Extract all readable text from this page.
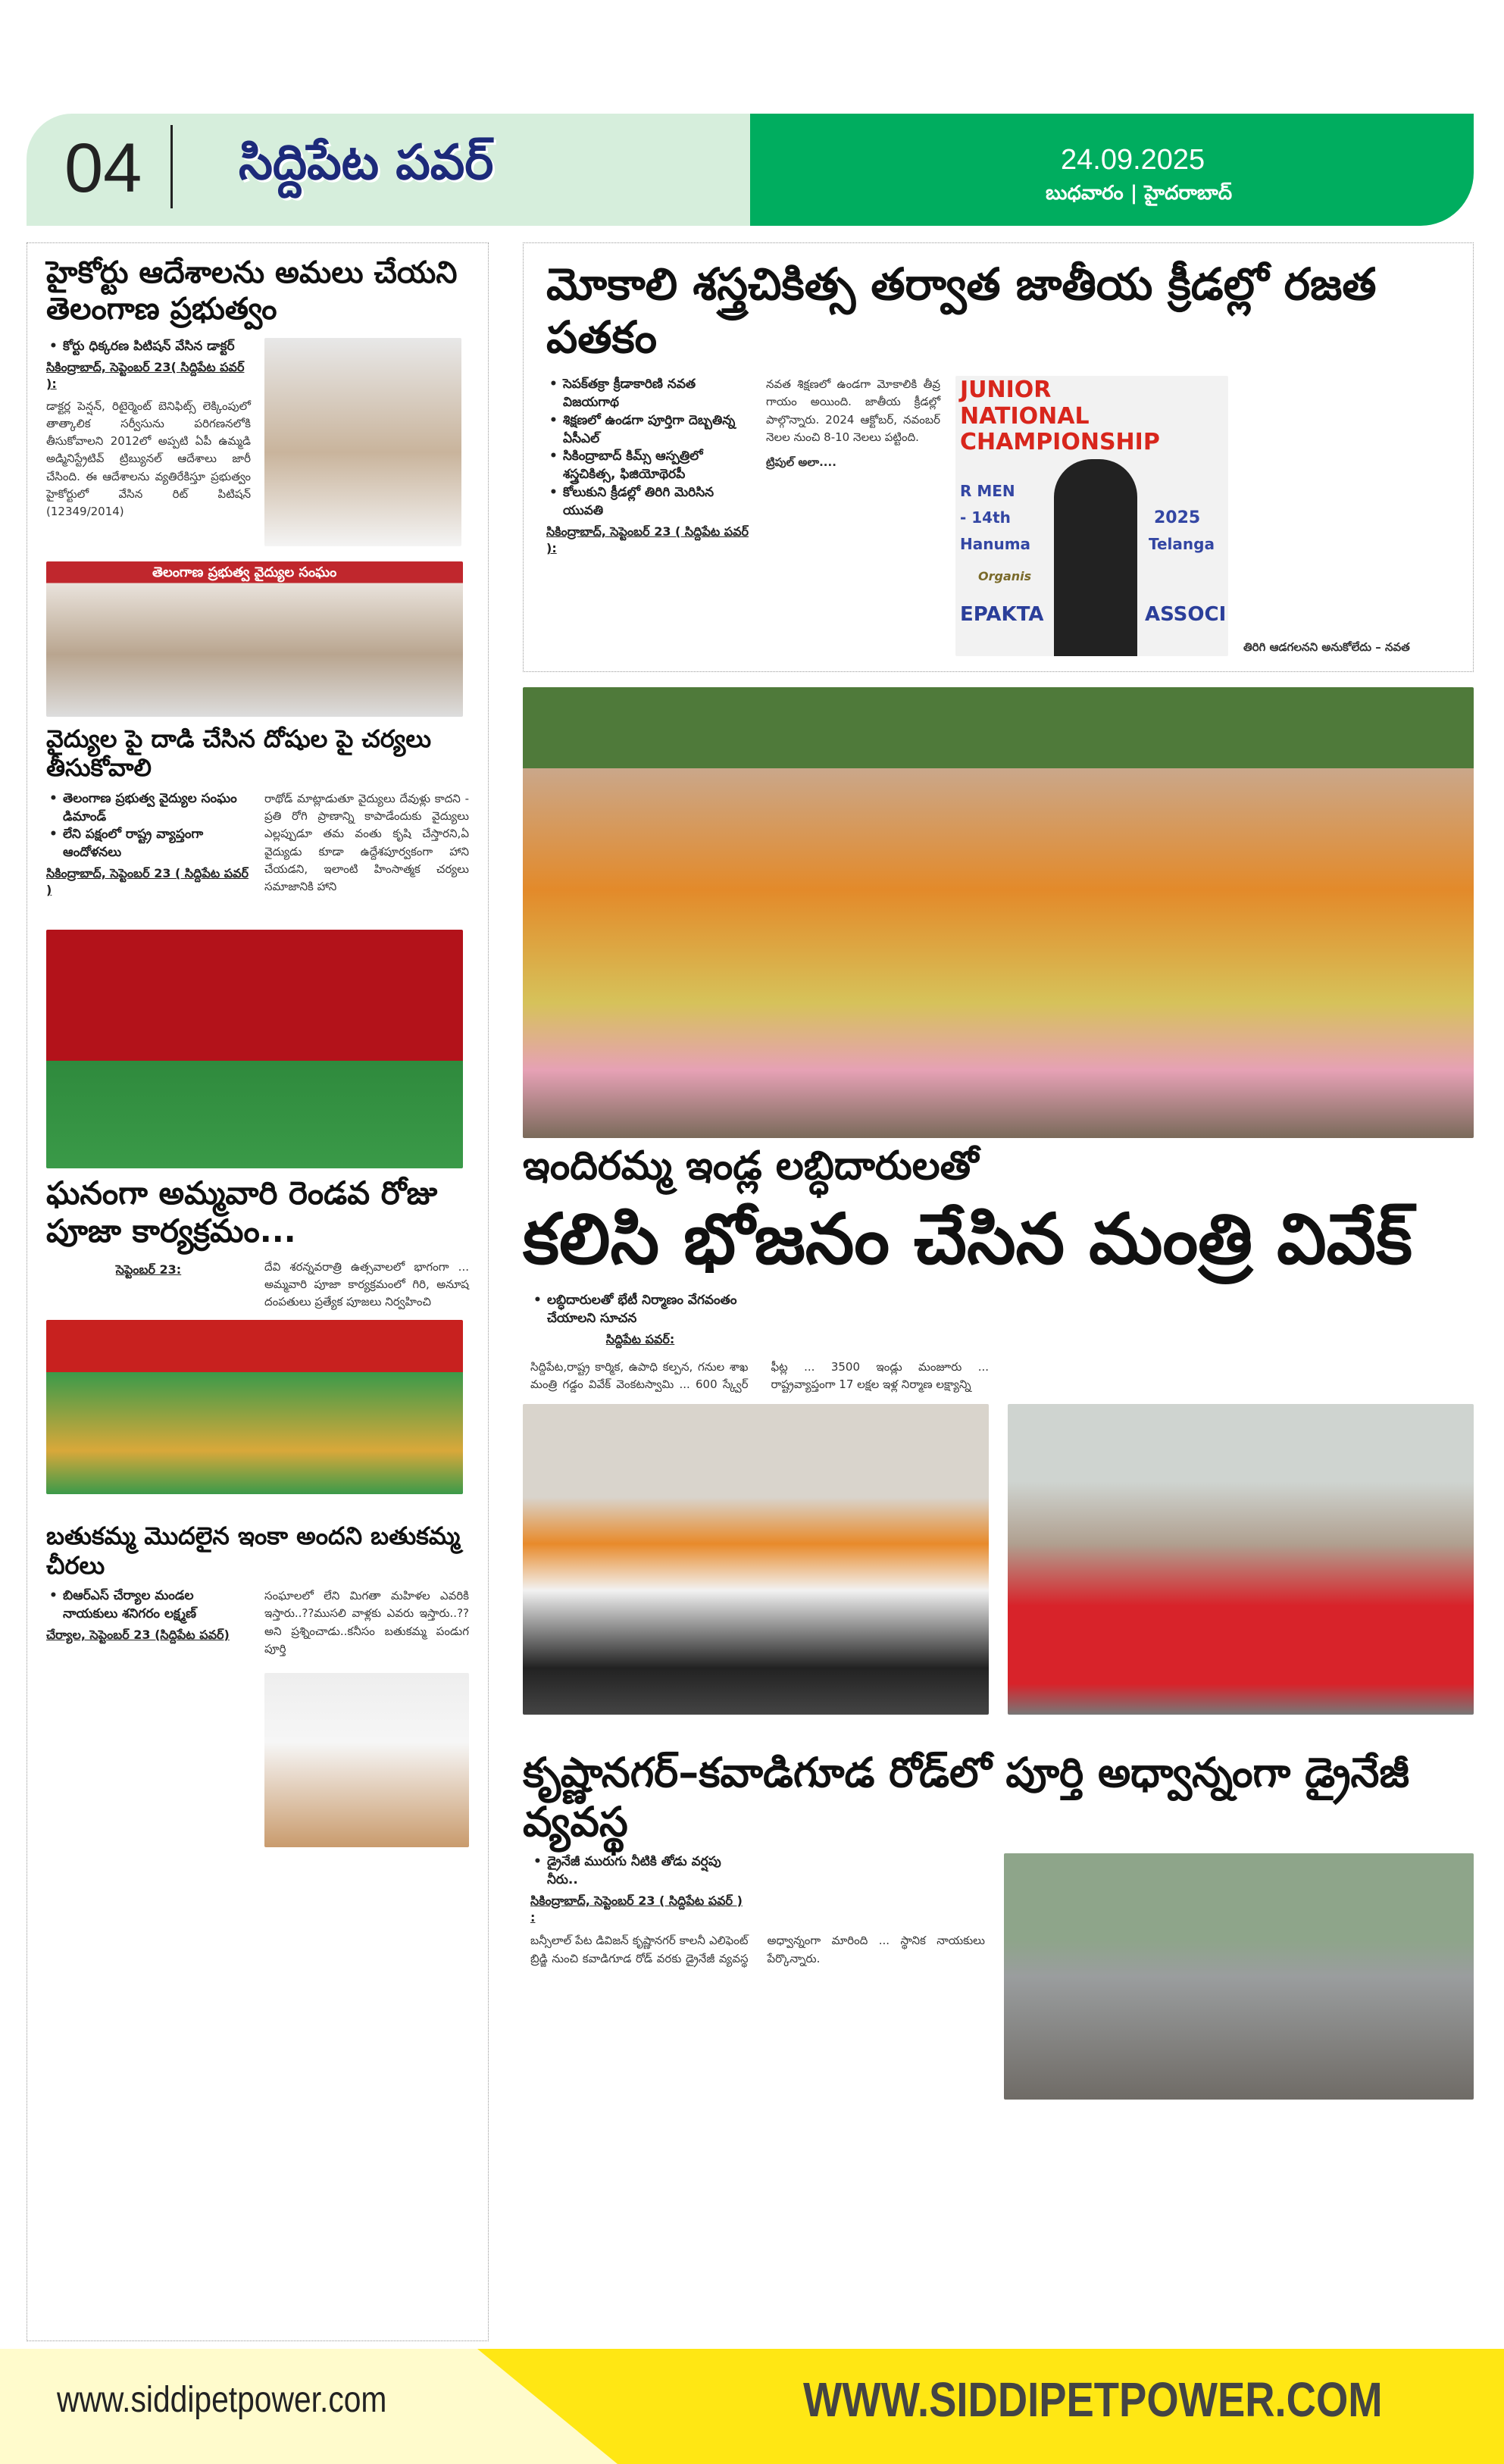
04 సిద్దిపేట పవర్	24.09.2025
బుధవారం | హైదరాబాద్
హైకోర్టు ఆదేశాలను అమలు చేయని తెలంగాణ ప్రభుత్వం
• కోర్టు ధిక్కరణ పిటిషన్ వేసిన డాక్టర్
సికింద్రాబాద్, సెప్టెంబర్ 23( సిద్దిపేట పవర్ ):
డాక్టర్ల పెన్షన్, రిటైర్మెంట్ బెనిఫిట్స్ లెక్కింపులో తాత్కాలిక సర్వీసును పరిగణనలోకి తీసుకోవాలని 2012లో అప్పటి ఏపీ ఉమ్మడి అడ్మినిస్ట్రేటివ్ ట్రిబ్యునల్ ఆదేశాలు జారీ చేసింది. ఈ ఆదేశాలను వ్యతిరేకిస్తూ ప్రభుత్వం హైకోర్టులో వేసిన రిట్ పిటిషన్ (12349/2014)
తెలంగాణ ప్రభుత్వ వైద్యుల సంఘం
వైద్యుల పై దాడి చేసిన దోషుల పై చర్యలు తీసుకోవాలి
• తెలంగాణ ప్రభుత్వ వైద్యుల సంఘం డిమాండ్
• లేని పక్షంలో రాష్ట్ర వ్యాప్తంగా ఆందోళనలు
సికింద్రాబాద్, సెప్టెంబర్ 23 ( సిద్దిపేట పవర్ )
రాథోడ్ మాట్లాడుతూ వైద్యులు దేవుళ్లు కాదని - ప్రతి రోగి ప్రాణాన్ని కాపాడేందుకు వైద్యులు ఎల్లప్పుడూ తమ వంతు కృషి చేస్తారని,ఏ వైద్యుడు కూడా ఉద్దేశపూర్వకంగా హాని చేయడని, ఇలాంటి హింసాత్మక చర్యలు సమాజానికి హాని
ఘనంగా అమ్మవారి రెండవ రోజు పూజా కార్యక్రమం...
సెప్టెంబర్ 23:	దేవి శరన్నవరాత్రి ఉత్సవాలలో భాగంగా ... అమ్మవారి పూజా కార్యక్రమంలో గిరి, అనూష దంపతులు ప్రత్యేక పూజలు నిర్వహించి
బతుకమ్మ మొదలైన ఇంకా అందని బతుకమ్మ చీరలు
• బిఆర్ఎస్ చేర్యాల మండల నాయకులు శనిగరం లక్ష్మణ్
చేర్యాల, సెప్టెంబర్ 23 (సిద్దిపేట పవర్)
సంఘాలలో లేని మిగతా మహిళల ఎవరికి ఇస్తారు..??ముసలి వాళ్లకు ఎవరు ఇస్తారు..??అని ప్రశ్నించాడు..కనీసం బతుకమ్మ పండుగ పూర్తి
మోకాలి శస్త్రచికిత్స తర్వాత జాతీయ క్రీడల్లో రజత పతకం
• సెపక్‌తక్రా క్రీడాకారిణి నవత విజయగాథ
• శిక్షణలో ఉండగా పూర్తిగా దెబ్బతిన్న ఏసీఎల్
• సికింద్రాబాద్ కిమ్స్ ఆస్పత్రిలో శస్త్రచికిత్స, ఫిజియోథెరపీ
• కోలుకుని క్రీడల్లో తిరిగి మెరిసిన యువతి
సికింద్రాబాద్, సెప్టెంబర్ 23 ( సిద్దిపేట పవర్ ):
నవత శిక్షణలో ఉండగా మోకాలికి తీవ్ర గాయం అయింది. జాతీయ క్రీడల్లో పాల్గొన్నారు. 2024 ఆక్టోబర్, నవంబర్ నెలల నుంచి 8-10 నెలలు పట్టింది.
ట్రిపుల్ అలా....
JUNIOR NATIONAL CHAMPIONSHIP
R MEN
- 14th	2025
Hanuma	Telanga
Organis
EPAKTA	ASSOCI
తిరిగి ఆడగలనని అనుకోలేదు – నవత
ఇందిరమ్మ ఇండ్ల లబ్ధిదారులతో
కలిసి భోజనం చేసిన మంత్రి వివేక్
• లబ్ధిదారులతో భేటీ నిర్మాణం వేగవంతం చేయాలని సూచన
సిద్దిపేట పవర్:
సిద్దిపేట,రాష్ట్ర కార్మిక, ఉపాధి కల్పన, గనుల శాఖ మంత్రి గడ్డం వివేక్ వెంకటస్వామి ... 600 స్క్వేర్ ఫీట్ల ... 3500 ఇండ్లు మంజూరు ... రాష్ట్రవ్యాప్తంగా 17 లక్షల ఇళ్ల నిర్మాణ లక్ష్యాన్ని
కృష్ణానగర్–కవాడిగూడ రోడ్‌లో పూర్తి అధ్వాన్నంగా డ్రైనేజీ వ్యవస్థ
• డ్రైనేజీ మురుగు నీటికి తోడు వర్షపు నీరు..
సికింద్రాబాద్, సెప్టెంబర్ 23 ( సిద్దిపేట పవర్ ) :
బన్సీలాల్ పేట డివిజన్ కృష్ణానగర్ కాలనీ ఎలిఫెంట్ బ్రిడ్జి నుంచి కవాడిగూడ రోడ్ వరకు డ్రైనేజీ వ్యవస్థ అధ్వాన్నంగా మారింది ... స్థానిక నాయకులు పేర్కొన్నారు.
www.siddipetpower.com	WWW.SIDDIPETPOWER.COM
